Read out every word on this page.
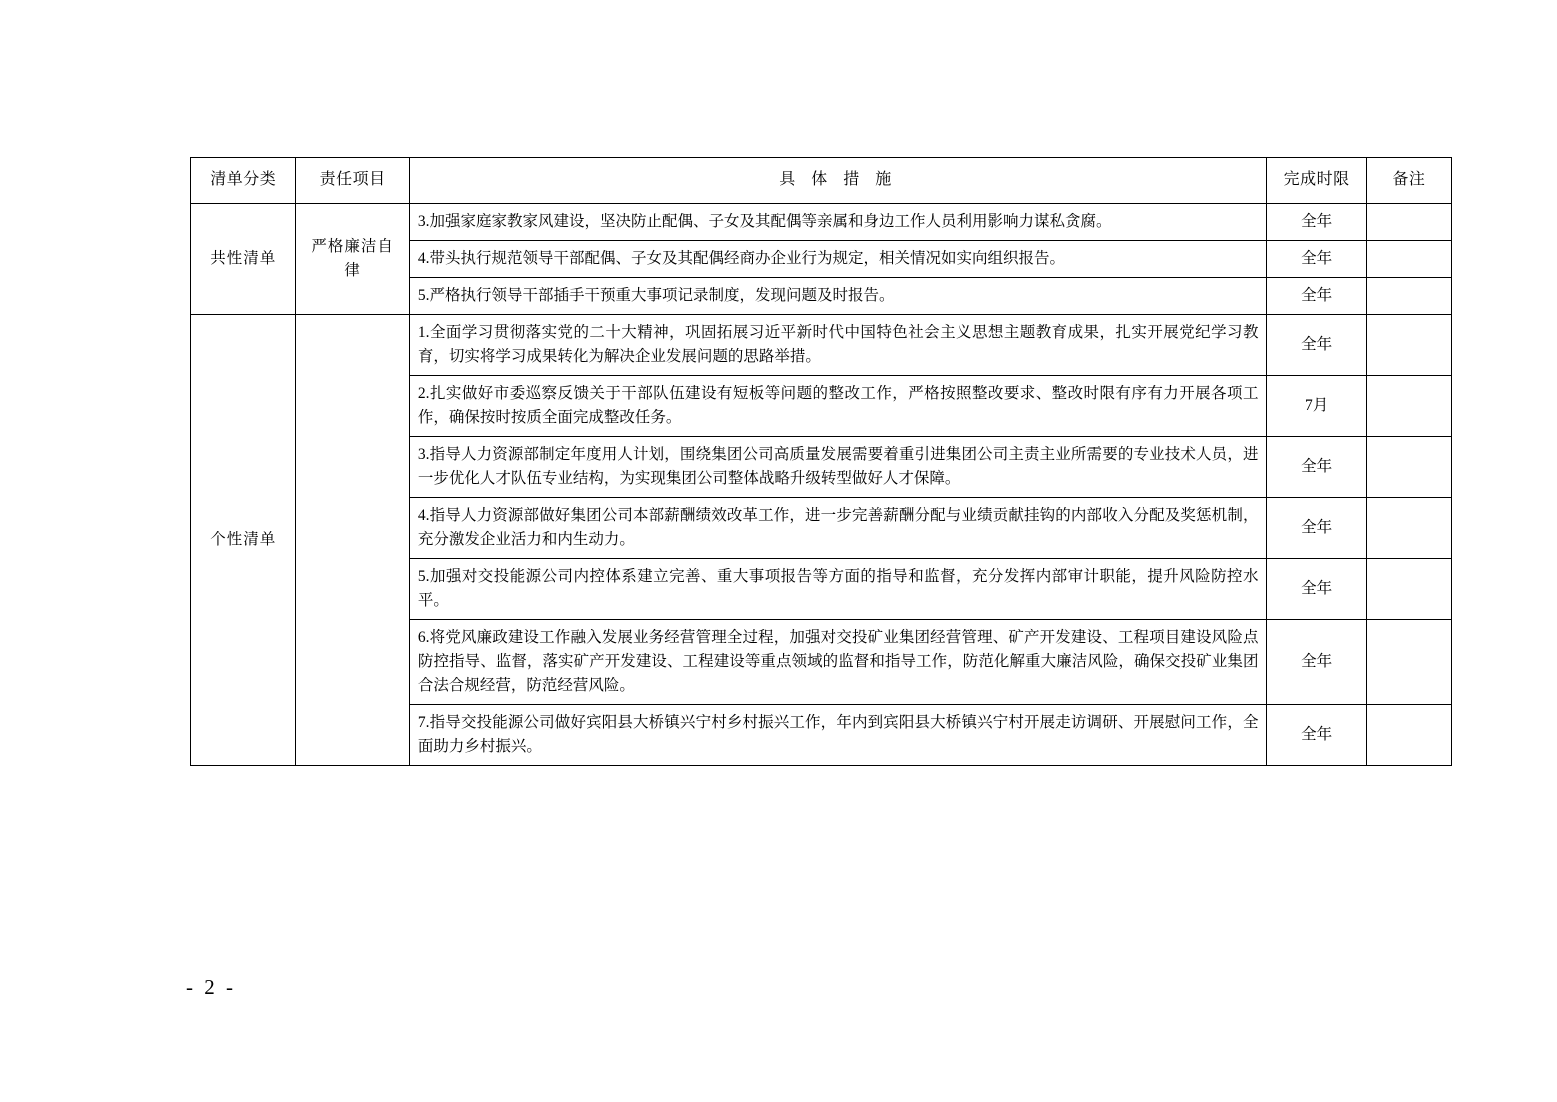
清单分类	责任项目	具 体 措 施	完成时限	备注
共性清单	严格廉洁自律	3.加强家庭家教家风建设，坚决防止配偶、子女及其配偶等亲属和身边工作人员利用影响力谋私贪腐。	全年	
		4.带头执行规范领导干部配偶、子女及其配偶经商办企业行为规定，相关情况如实向组织报告。	全年	
		5.严格执行领导干部插手干预重大事项记录制度，发现问题及时报告。	全年	
个性清单		1.全面学习贯彻落实党的二十大精神，巩固拓展习近平新时代中国特色社会主义思想主题教育成果，扎实开展党纪学习教育，切实将学习成果转化为解决企业发展问题的思路举措。	全年	
		2.扎实做好市委巡察反馈关于干部队伍建设有短板等问题的整改工作，严格按照整改要求、整改时限有序有力开展各项工作，确保按时按质全面完成整改任务。	7月	
		3.指导人力资源部制定年度用人计划，围绕集团公司高质量发展需要着重引进集团公司主责主业所需要的专业技术人员，进一步优化人才队伍专业结构，为实现集团公司整体战略升级转型做好人才保障。	全年	
		4.指导人力资源部做好集团公司本部薪酬绩效改革工作，进一步完善薪酬分配与业绩贡献挂钩的内部收入分配及奖惩机制，充分激发企业活力和内生动力。	全年	
		5.加强对交投能源公司内控体系建立完善、重大事项报告等方面的指导和监督，充分发挥内部审计职能，提升风险防控水平。	全年	
		6.将党风廉政建设工作融入发展业务经营管理全过程，加强对交投矿业集团经营管理、矿产开发建设、工程项目建设风险点防控指导、监督，落实矿产开发建设、工程建设等重点领域的监督和指导工作，防范化解重大廉洁风险，确保交投矿业集团合法合规经营，防范经营风险。	全年	
		7.指导交投能源公司做好宾阳县大桥镇兴宁村乡村振兴工作，年内到宾阳县大桥镇兴宁村开展走访调研、开展慰问工作，全面助力乡村振兴。	全年	
- 2 -
